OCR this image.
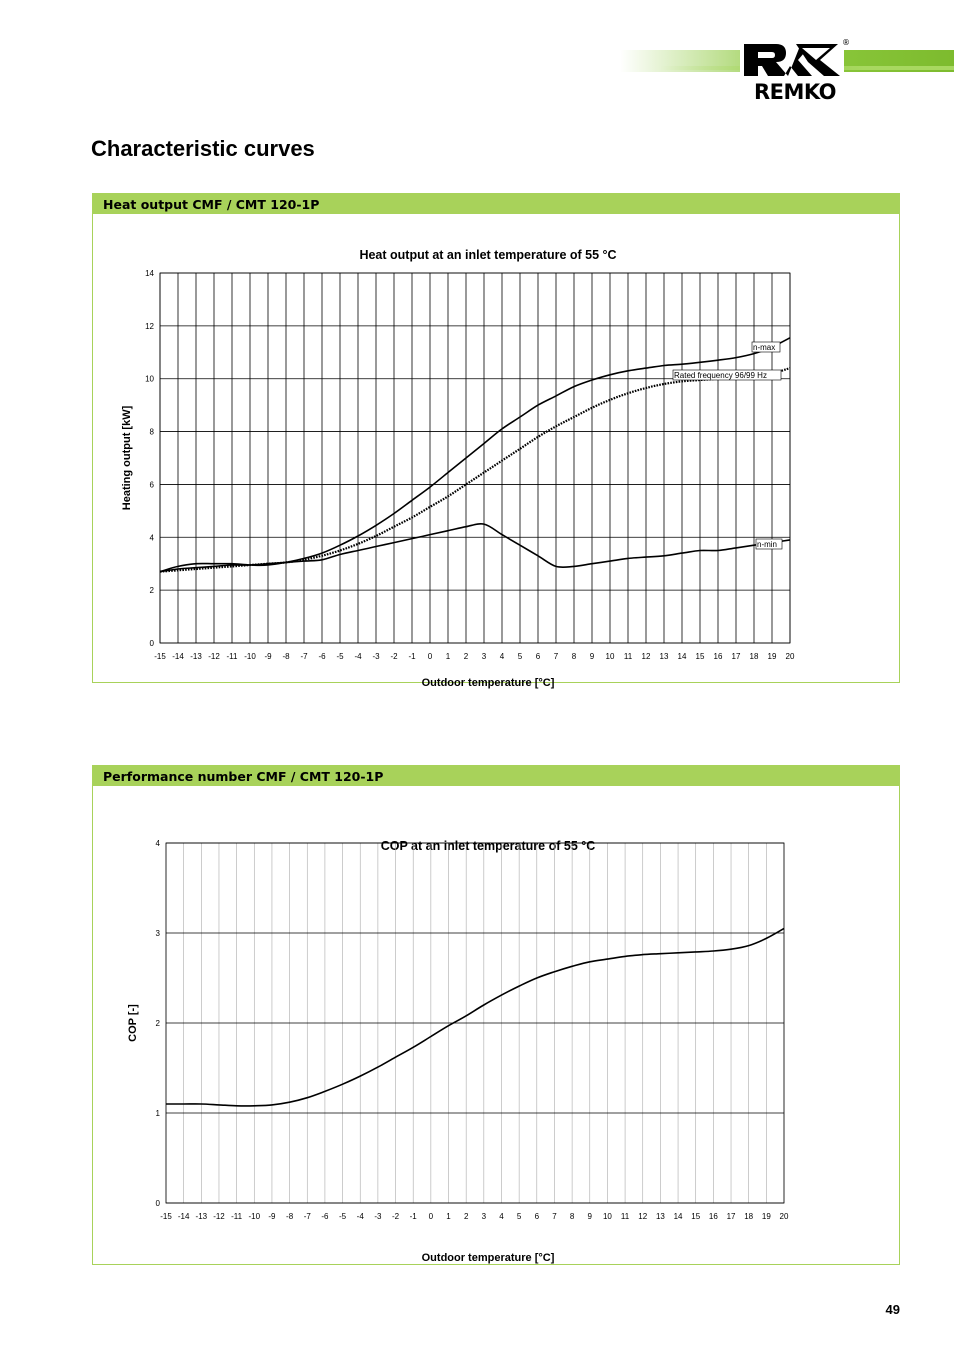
REMKO
®
Characteristic curves
Heat output CMF / CMT 120-1P
Heat output at an inlet temperature of 55 °C
0
2
4
6
8
10
12
14
-15 -14 -13 -12 -11 -10 -9 -8 -7 -6 -5 -4 -3 -2 -1 0 1 2 3 4 5 6 7 8 9 10 11 12 13 14 15 16 17 18 19 20
Outdoor temperature [°C]
Heating output [kW]
n-max
Rated frequency 96/99 Hz
n-min
Performance number CMF / CMT 120-1P
COP at an inlet temperature of 55 °C
0
1
2
3
4
-15 -14 -13 -12 -11 -10 -9 -8 -7 -6 -5 -4 -3 -2 -1 0 1 2 3 4 5 6 7 8 9 10 11 12 13 14 15 16 17 18 19 20
Outdoor temperature [°C]
COP [-]
49
